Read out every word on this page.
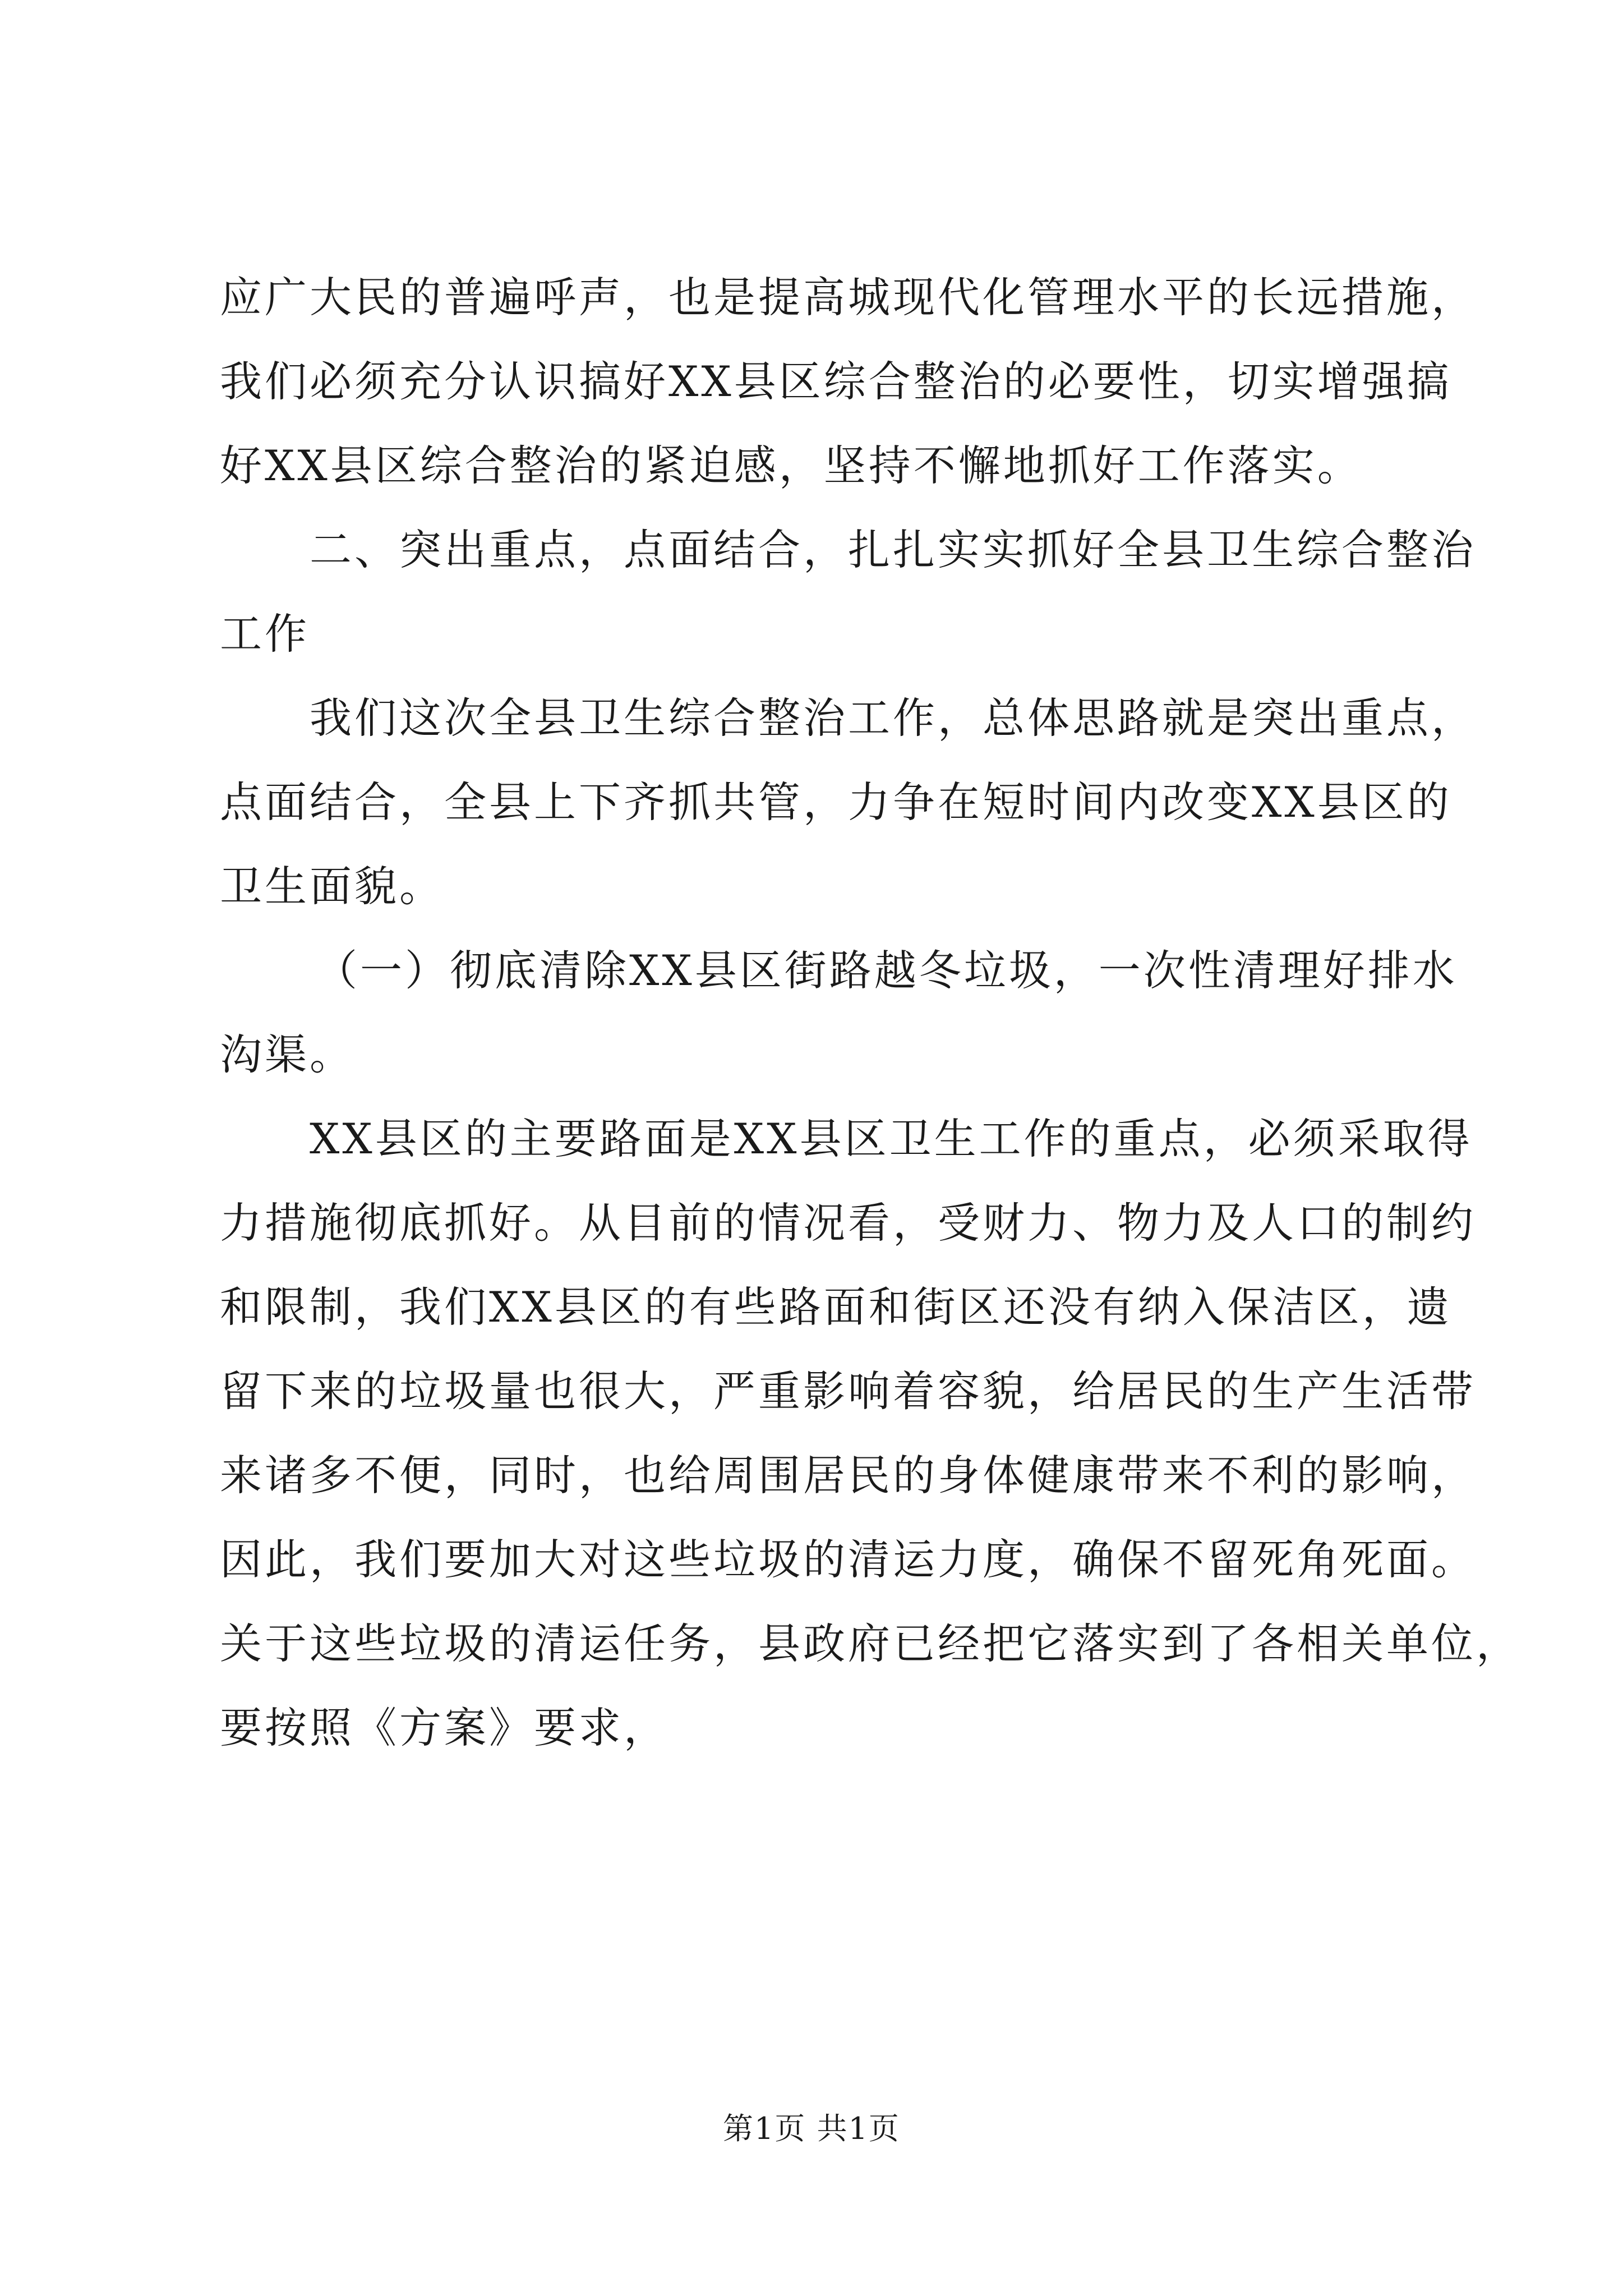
应广大民的普遍呼声，也是提高城现代化管理水平的长远措施，
我们必须充分认识搞好XX县区综合整治的必要性，切实增强搞
好XX县区综合整治的紧迫感，坚持不懈地抓好工作落实。

二、突出重点，点面结合，扎扎实实抓好全县卫生综合整治
工作

我们这次全县卫生综合整治工作，总体思路就是突出重点，
点面结合，全县上下齐抓共管，力争在短时间内改变XX县区的
卫生面貌。

（一）彻底清除XX县区街路越冬垃圾，一次性清理好排水
沟渠。

XX县区的主要路面是XX县区卫生工作的重点，必须采取得
力措施彻底抓好。从目前的情况看，受财力、物力及人口的制约
和限制，我们XX县区的有些路面和街区还没有纳入保洁区，遗
留下来的垃圾量也很大，严重影响着容貌，给居民的生产生活带
来诸多不便，同时，也给周围居民的身体健康带来不利的影响，
因此，我们要加大对这些垃圾的清运力度，确保不留死角死面。
关于这些垃圾的清运任务，县政府已经把它落实到了各相关单位，
要按照《方案》要求，

第1页 共1页
